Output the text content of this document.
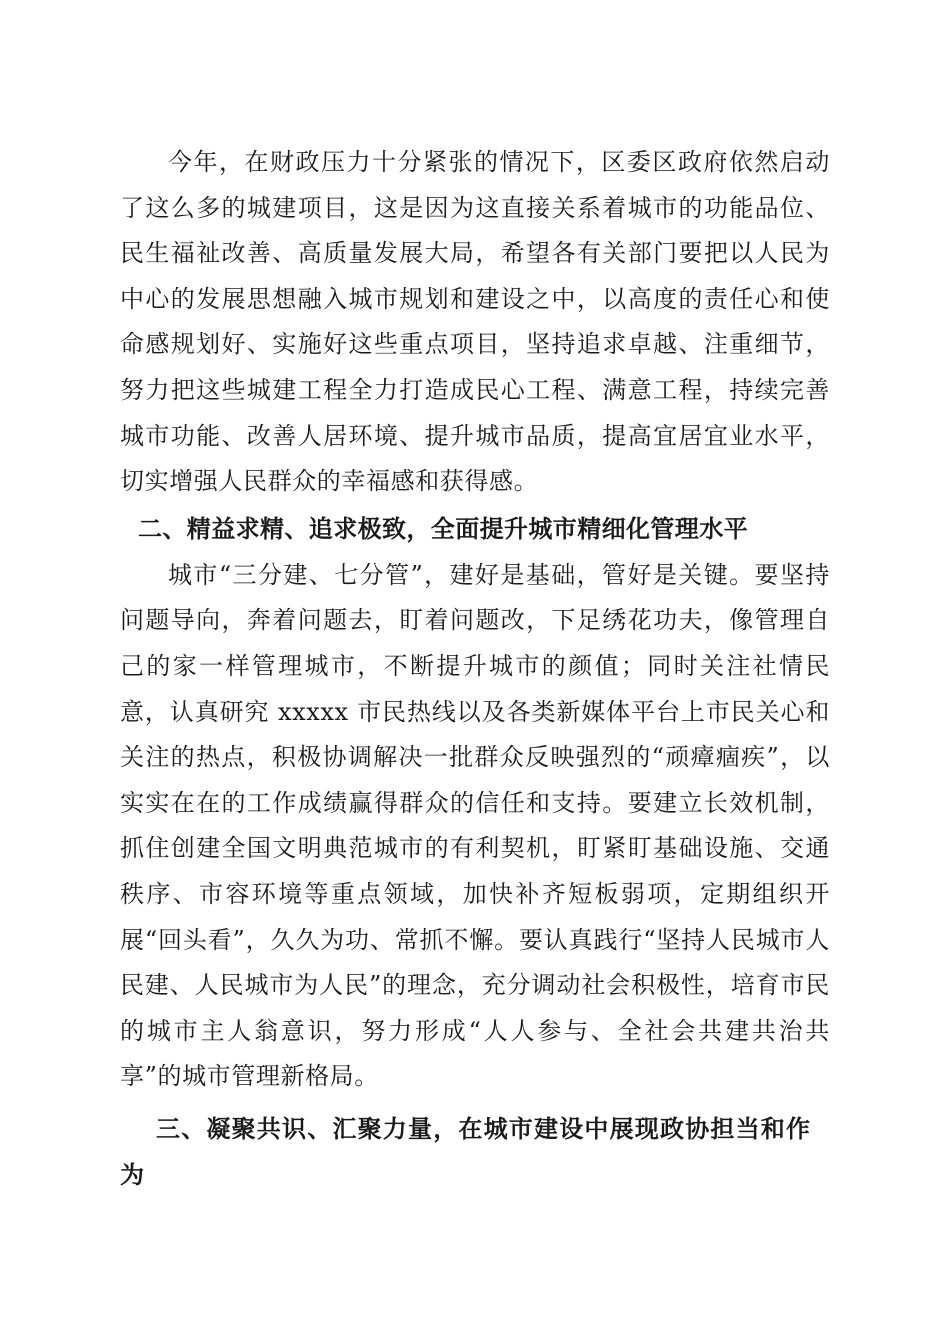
今年，在财政压力十分紧张的情况下，区委区政府依然启动了这么多的城建项目，这是因为这直接关系着城市的功能品位、民生福祉改善、高质量发展大局，希望各有关部门要把以人民为中心的发展思想融入城市规划和建设之中，以高度的责任心和使命感规划好、实施好这些重点项目，坚持追求卓越、注重细节，努力把这些城建工程全力打造成民心工程、满意工程，持续完善城市功能、改善人居环境、提升城市品质，提高宜居宜业水平，切实增强人民群众的幸福感和获得感。

二、精益求精、追求极致，全面提升城市精细化管理水平

城市“三分建、七分管”，建好是基础，管好是关键。要坚持问题导向，奔着问题去，盯着问题改，下足绣花功夫，像管理自己的家一样管理城市，不断提升城市的颜值；同时关注社情民意，认真研究 xxxxx 市民热线以及各类新媒体平台上市民关心和关注的热点，积极协调解决一批群众反映强烈的“顽瘴痼疾”，以实实在在的工作成绩赢得群众的信任和支持。要建立长效机制，抓住创建全国文明典范城市的有利契机，盯紧盯基础设施、交通秩序、市容环境等重点领域，加快补齐短板弱项，定期组织开展“回头看”，久久为功、常抓不懈。要认真践行“坚持人民城市人民建、人民城市为人民”的理念，充分调动社会积极性，培育市民的城市主人翁意识，努力形成“人人参与、全社会共建共治共享”的城市管理新格局。

三、凝聚共识、汇聚力量，在城市建设中展现政协担当和作为
